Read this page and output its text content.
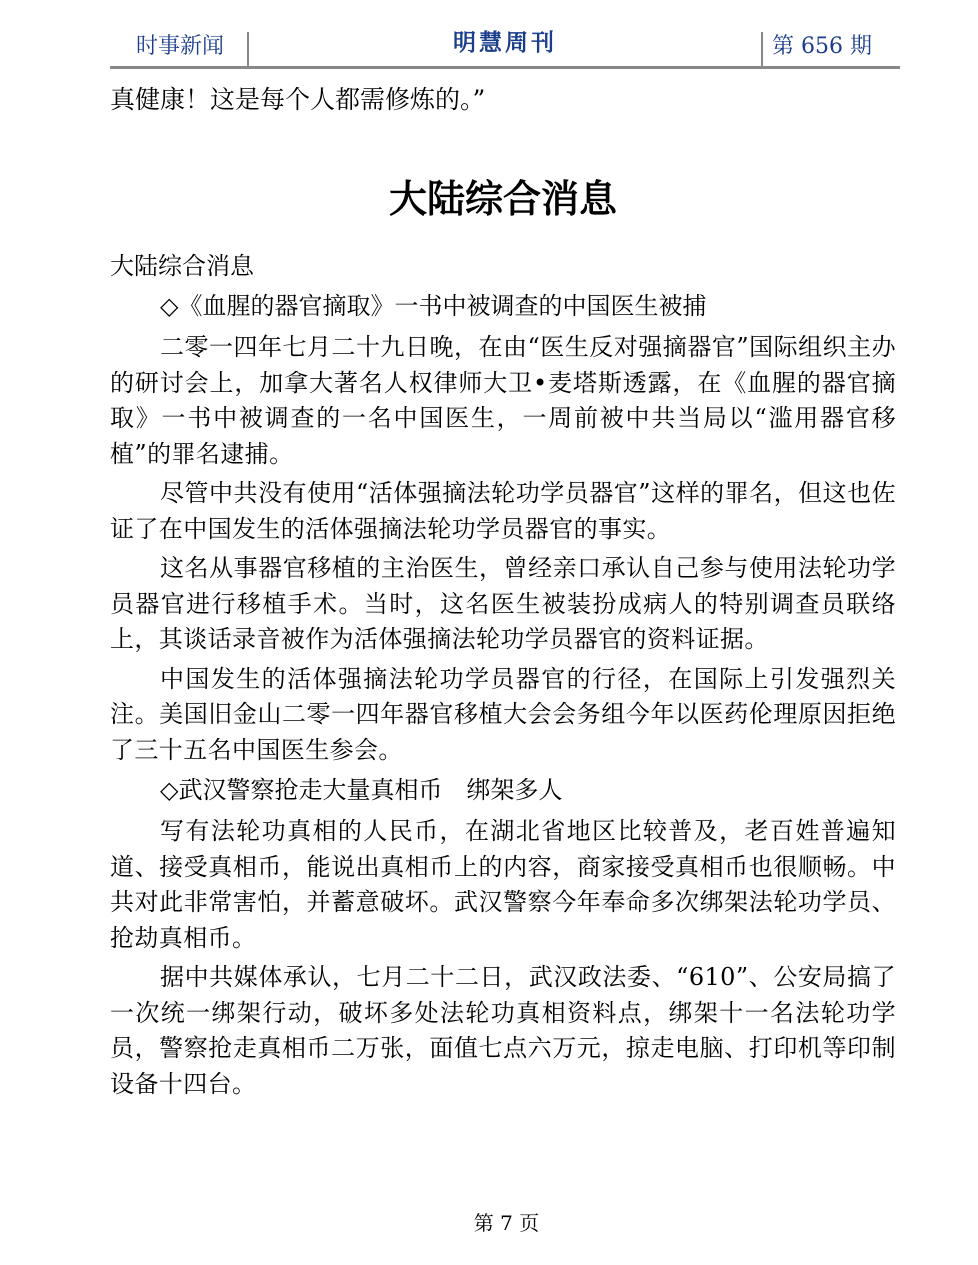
时事新闻	明慧周刊	第 656 期

真健康！这是每个人都需修炼的。”

大陆综合消息
大陆综合消息
◇《血腥的器官摘取》一书中被调查的中国医生被捕

二零一四年七月二十九日晚，在由“医生反对强摘器官”国际组织主办的研讨会上，加拿大著名人权律师大卫•麦塔斯透露，在《血腥的器官摘取》一书中被调查的一名中国医生，一周前被中共当局以“滥用器官移植”的罪名逮捕。

尽管中共没有使用“活体强摘法轮功学员器官”这样的罪名，但这也佐证了在中国发生的活体强摘法轮功学员器官的事实。

这名从事器官移植的主治医生，曾经亲口承认自己参与使用法轮功学员器官进行移植手术。当时，这名医生被装扮成病人的特别调查员联络上，其谈话录音被作为活体强摘法轮功学员器官的资料证据。

中国发生的活体强摘法轮功学员器官的行径，在国际上引发强烈关注。美国旧金山二零一四年器官移植大会会务组今年以医药伦理原因拒绝了三十五名中国医生参会。

◇武汉警察抢走大量真相币　绑架多人

写有法轮功真相的人民币，在湖北省地区比较普及，老百姓普遍知道、接受真相币，能说出真相币上的内容，商家接受真相币也很顺畅。中共对此非常害怕，并蓄意破坏。武汉警察今年奉命多次绑架法轮功学员、抢劫真相币。

据中共媒体承认，七月二十二日，武汉政法委、“610”、公安局搞了一次统一绑架行动，破坏多处法轮功真相资料点，绑架十一名法轮功学员，警察抢走真相币二万张，面值七点六万元，掠走电脑、打印机等印制设备十四台。

第 7 页
